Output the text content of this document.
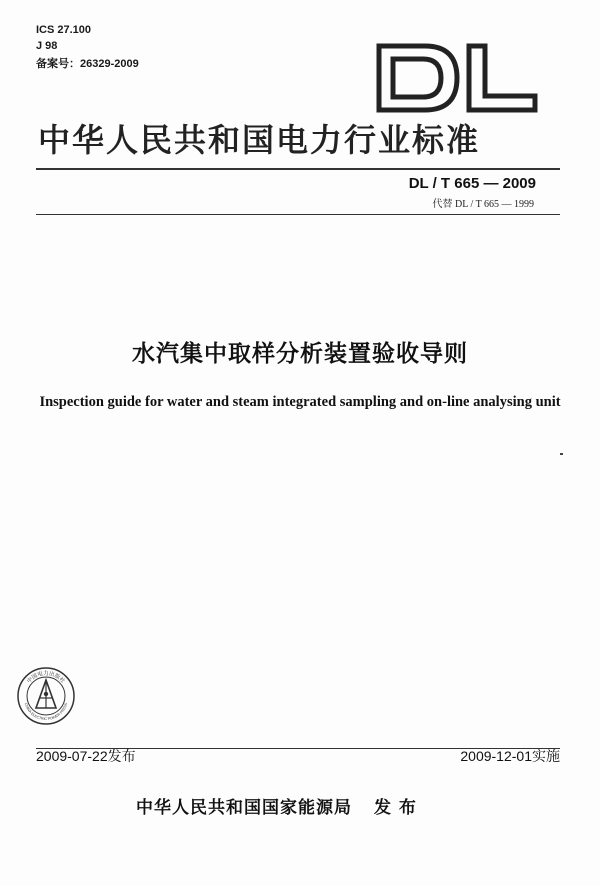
ICS 27.100
J 98
备案号：26329-2009
DL
中华人民共和国电力行业标准
DL / T 665 — 2009
代替 DL / T 665 — 1999
水汽集中取样分析装置验收导则
Inspection guide for water and steam integrated sampling and on-line analysing unit
中国电力出版社
CHINA ELECTRIC POWER PRESS
2009-07-22发布	2009-12-01实施
中华人民共和国国家能源局 发 布
